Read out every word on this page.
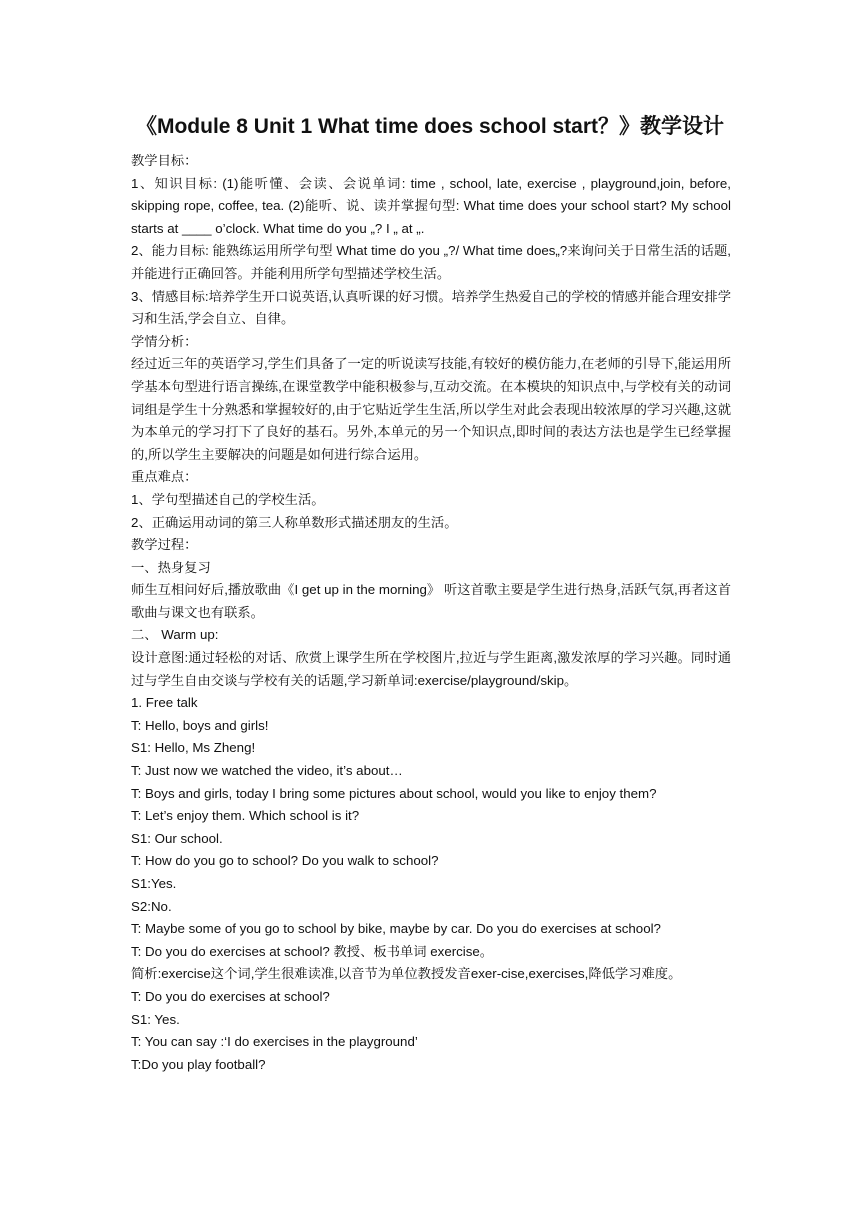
《Module 8 Unit 1 What time does school start？》教学设计

教学目标：

1、知识目标: (1)能听懂、会读、会说单词: time , school, late, exercise , playground,join, before, skipping rope, coffee, tea. (2)能听、说、读并掌握句型: What time does your school start? My school starts at ____ o’clock. What time do you „? I „ at „.

2、能力目标: 能熟练运用所学句型 What time do you „?/ What time does„?来询问关于日常生活的话题,并能进行正确回答。并能利用所学句型描述学校生活。

3、情感目标:培养学生开口说英语,认真听课的好习惯。培养学生热爱自己的学校的情感并能合理安排学习和生活,学会自立、自律。

学情分析：

经过近三年的英语学习,学生们具备了一定的听说读写技能,有较好的模仿能力,在老师的引导下,能运用所学基本句型进行语言操练,在课堂教学中能积极参与,互动交流。在本模块的知识点中,与学校有关的动词词组是学生十分熟悉和掌握较好的,由于它贴近学生生活,所以学生对此会表现出较浓厚的学习兴趣,这就为本单元的学习打下了良好的基石。另外,本单元的另一个知识点,即时间的表达方法也是学生已经掌握的,所以学生主要解决的问题是如何进行综合运用。

重点难点：

1、学句型描述自己的学校生活。

2、正确运用动词的第三人称单数形式描述朋友的生活。

教学过程：

一、热身复习

师生互相问好后,播放歌曲《I get up in the morning》 听这首歌主要是学生进行热身,活跃气氛,再者这首歌曲与课文也有联系。

二、 Warm up:

设计意图:通过轻松的对话、欣赏上课学生所在学校图片,拉近与学生距离,激发浓厚的学习兴趣。同时通过与学生自由交谈与学校有关的话题,学习新单词:exercise/playground/skip。

1. Free talk

T: Hello, boys and girls!

S1: Hello, Ms Zheng!

T: Just now we watched the video, it’s about…

T: Boys and girls, today I bring some pictures about school, would you like to enjoy them?

T: Let’s enjoy them. Which school is it?

S1: Our school.

T: How do you go to school? Do you walk to school?

S1:Yes.

S2:No.

T: Maybe some of you go to school by bike, maybe by car. Do you do exercises at school?

T: Do you do exercises at school? 教授、板书单词 exercise。

简析:exercise这个词,学生很难读准,以音节为单位教授发音exer-cise,exercises,降低学习难度。

T: Do you do exercises at school?

S1: Yes.

T: You can say :‘I do exercises in the playground’

T:Do you play football?
